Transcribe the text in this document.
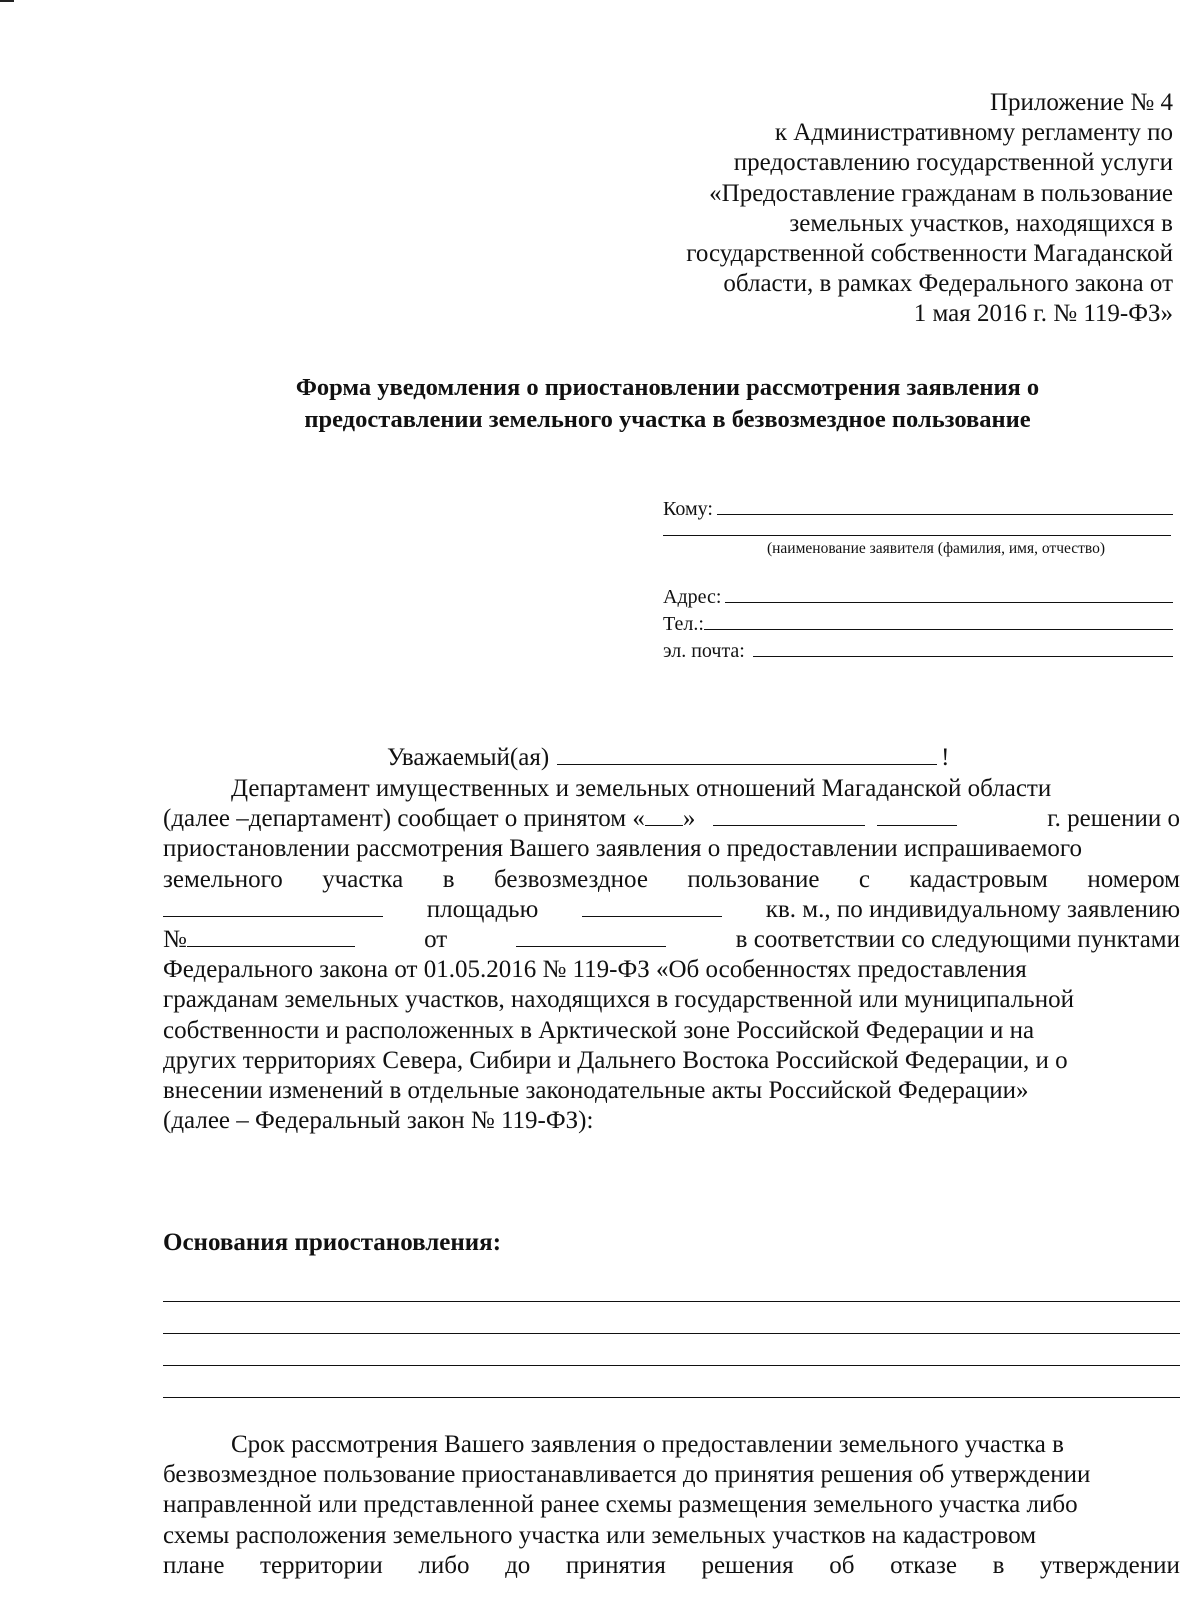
Приложение № 4
к Административному регламенту по
предоставлению государственной услуги
«Предоставление гражданам в пользование
земельных участков, находящихся в
государственной собственности Магаданской
области, в рамках Федерального закона от
1 мая 2016 г. № 119-ФЗ»
Форма уведомления о приостановлении рассмотрения заявления о
предоставлении земельного участка в безвозмездное пользование
Кому:
(наименование заявителя (фамилия, имя, отчество)
Адрес:
Тел.:
эл. почта:
Уважаемый(ая)	!
Департамент имущественных и земельных отношений Магаданской области
(далее –департамент) сообщает о принятом « »	г. решении о
приостановлении рассмотрения Вашего заявления о предоставлении испрашиваемого
земельного участка в безвозмездное пользование с кадастровым номером
площадью	кв. м., по индивидуальному заявлению
№	от	в соответствии со следующими пунктами
Федерального закона от 01.05.2016 № 119-ФЗ «Об особенностях предоставления
гражданам земельных участков, находящихся в государственной или муниципальной
собственности и расположенных в Арктической зоне Российской Федерации и на
других территориях Севера, Сибири и Дальнего Востока Российской Федерации, и о
внесении изменений в отдельные законодательные акты Российской Федерации»
(далее – Федеральный закон № 119-ФЗ):
Основания приостановления:
Срок рассмотрения Вашего заявления о предоставлении земельного участка в
безвозмездное пользование приостанавливается до принятия решения об утверждении
направленной или представленной ранее схемы размещения земельного участка либо
схемы расположения земельного участка или земельных участков на кадастровом
плане территории либо до принятия решения об отказе в утверждении
